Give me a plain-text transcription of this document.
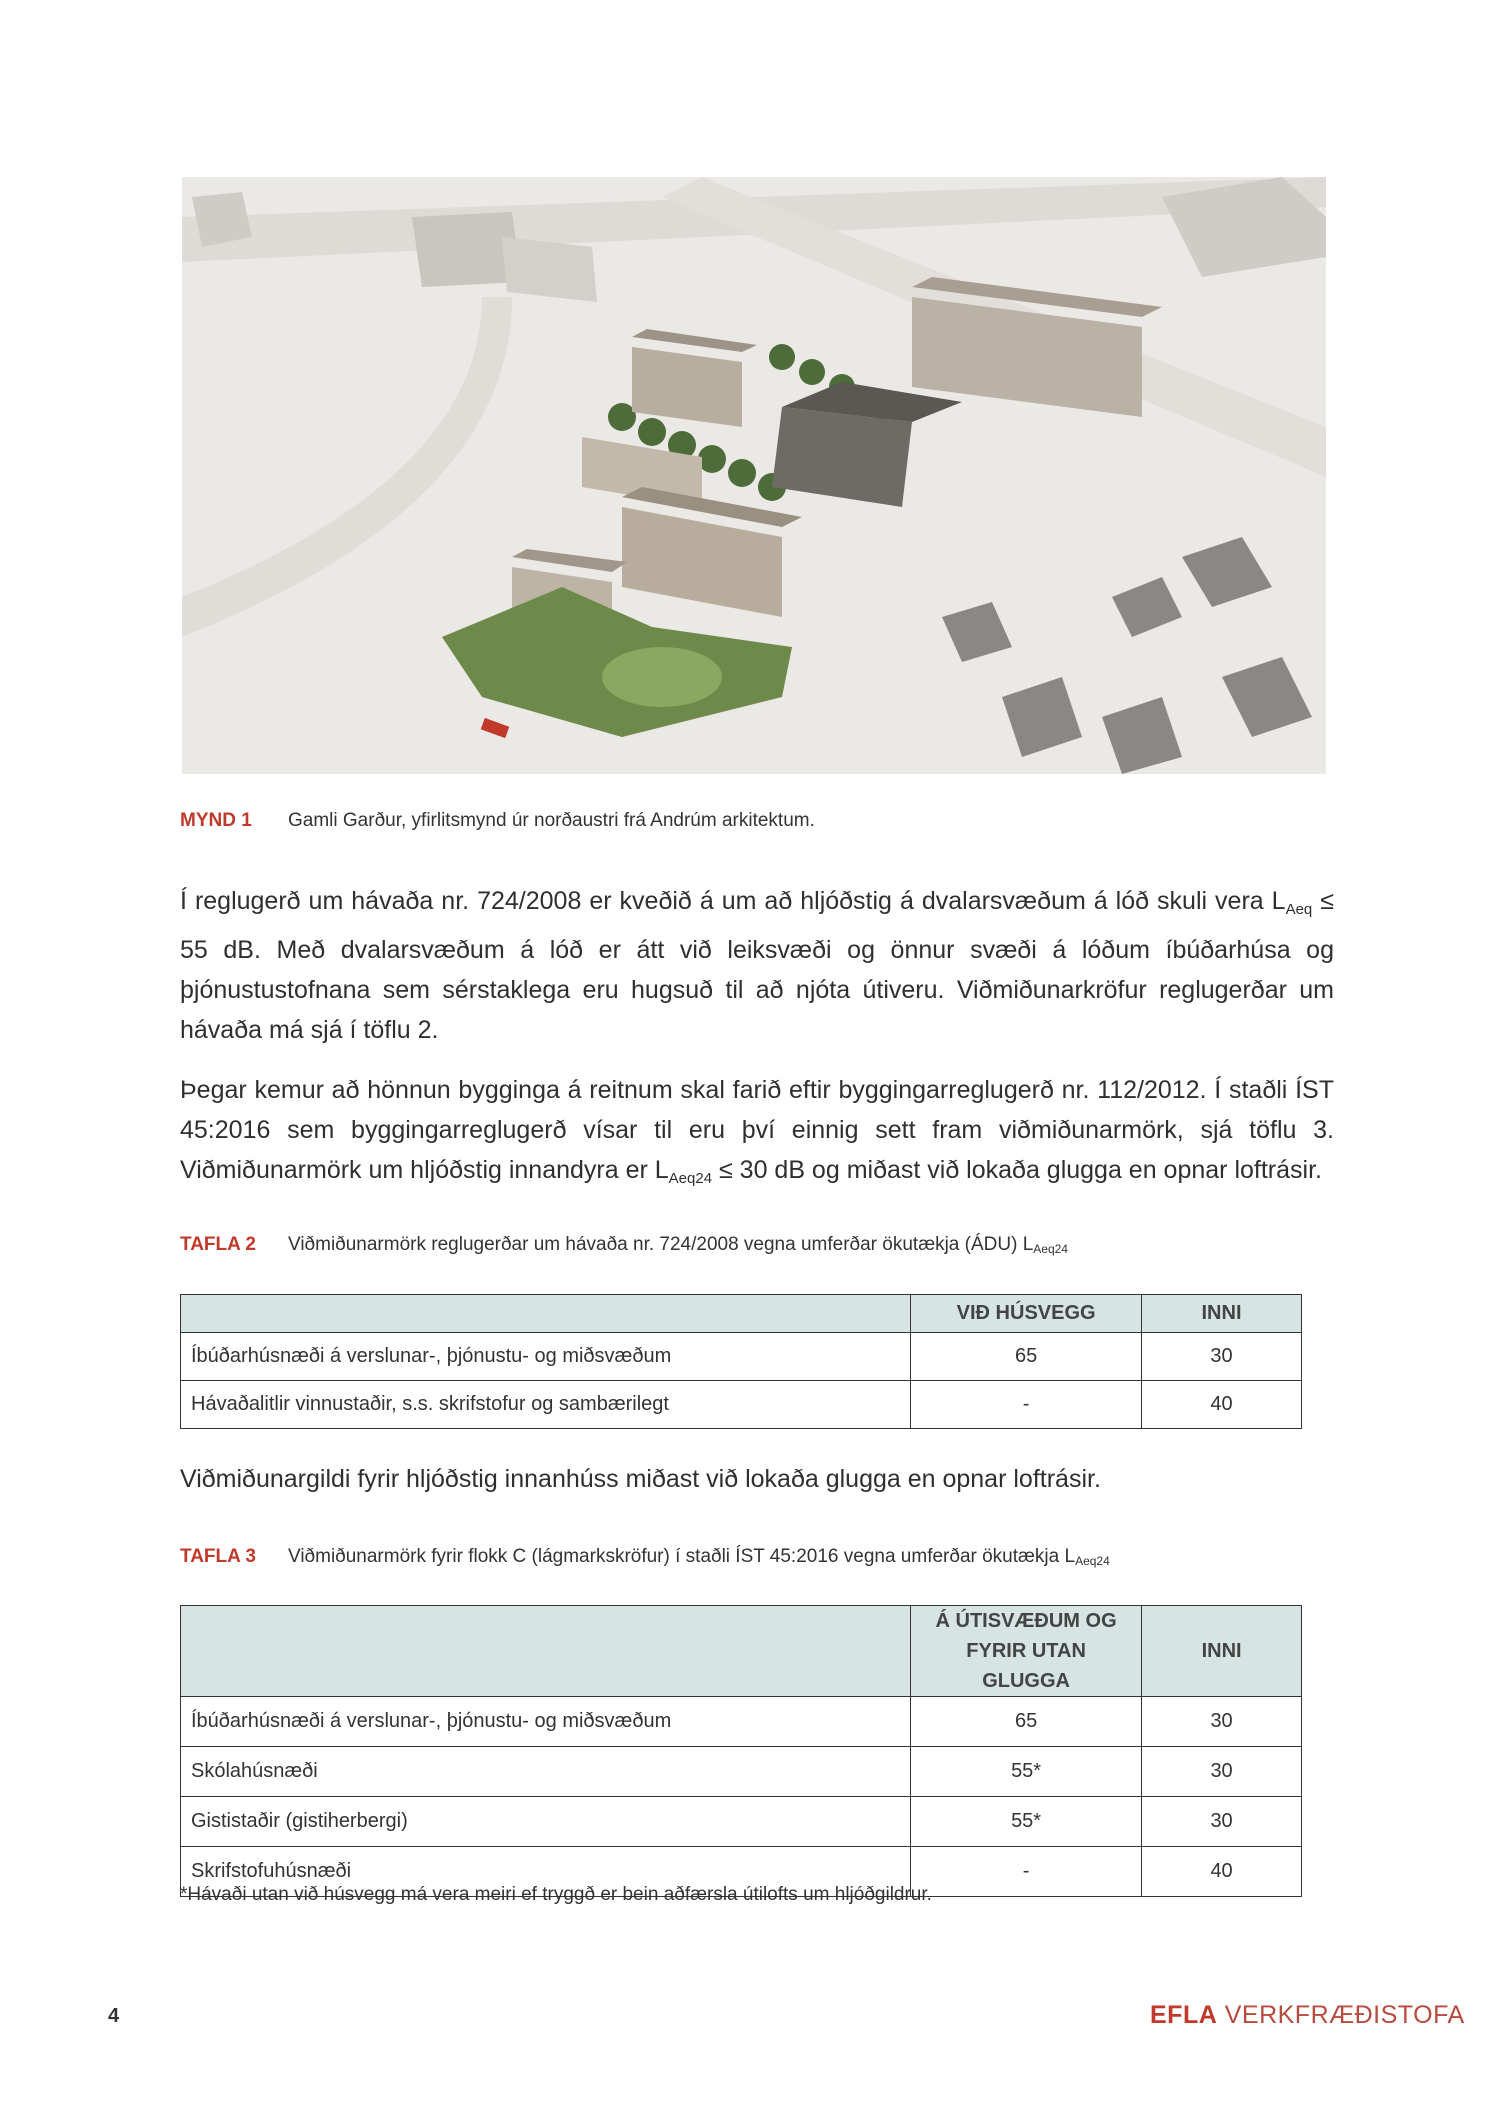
MYND 1 Gamli Garður, yfirlitsmynd úr norðaustri frá Andrúm arkitektum.

Í reglugerð um hávaða nr. 724/2008 er kveðið á um að hljóðstig á dvalarsvæðum á lóð skuli vera $L_{Aeq} \le 55$ dB. Með dvalarsvæðum á lóð er átt við leiksvæði og önnur svæði á lóðum íbúðarhúsa og þjónustustofnana sem sérstaklega eru hugsuð til að njóta útiveru. Viðmiðunarkröfur reglugerðar um hávaða má sjá í töflu 2.

Þegar kemur að hönnun bygginga á reitnum skal farið eftir byggingarreglugerð nr. 112/2012. Í staðli ÍST 45:2016 sem byggingarreglugerð vísar til eru því einnig sett fram viðmiðunarmörk, sjá töflu 3. Viðmiðunarmörk um hljóðstig innandyra er $L_{Aeq24} \le 30$ dB og miðast við lokaða glugga en opnar loftrásir.

TAFLA 2 Viðmiðunarmörk reglugerðar um hávaða nr. 724/2008 vegna umferðar ökutækja (ÁDU) $L_{Aeq24}$
	VIÐ HÚSVEGG	INNI
Íbúðarhúsnæði á verslunar-, þjónustu- og miðsvæðum	65	30
Hávaðalitlir vinnustaðir, s.s. skrifstofur og sambærilegt	-	40

Viðmiðunargildi fyrir hljóðstig innanhúss miðast við lokaða glugga en opnar loftrásir.

TAFLA 3 Viðmiðunarmörk fyrir flokk C (lágmarkskröfur) í staðli ÍST 45:2016 vegna umferðar ökutækja $L_{Aeq24}$
	Á ÚTISVÆÐUM OG FYRIR UTAN GLUGGA	INNI
Íbúðarhúsnæði á verslunar-, þjónustu- og miðsvæðum	65	30
Skólahúsnæði	55*	30
Gististaðir (gistiherbergi)	55*	30
Skrifstofuhúsnæði	-	40
*Hávaði utan við húsvegg má vera meiri ef tryggð er bein aðfærsla útilofts um hljóðgildrur.
4	EFLA VERKFRÆÐISTOFA
